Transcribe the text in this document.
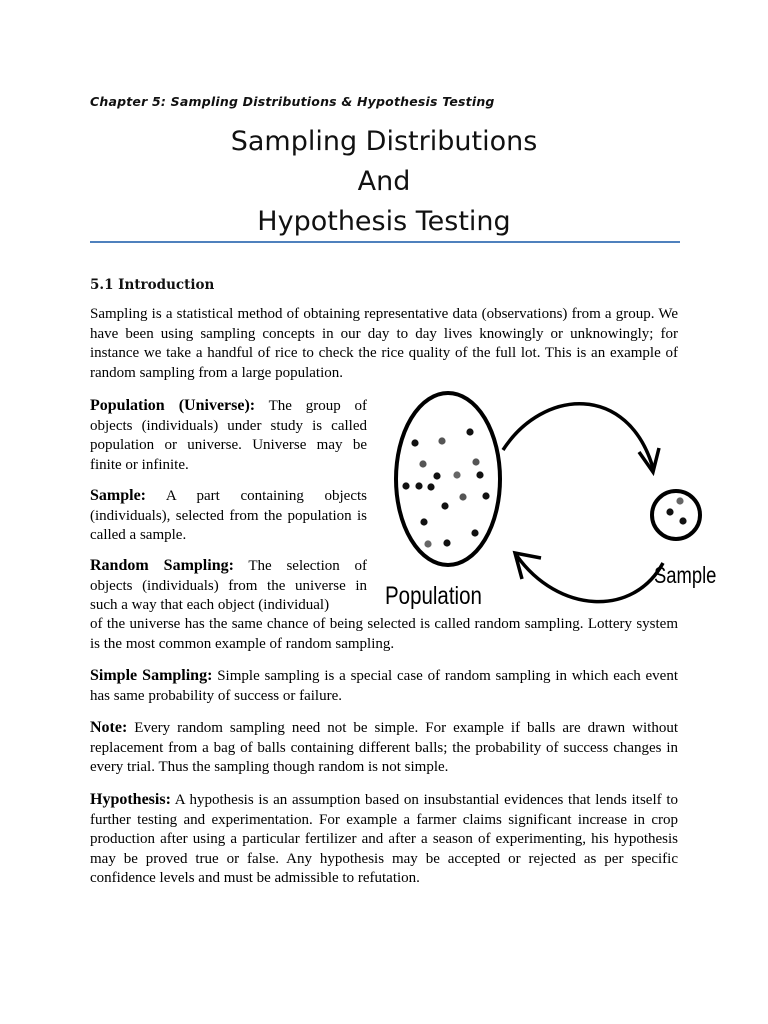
Chapter 5: Sampling Distributions & Hypothesis Testing
Sampling Distributions
And
Hypothesis Testing
5.1 Introduction

Sampling is a statistical method of obtaining representative data (observations) from a group. We have been using sampling concepts in our day to day lives knowingly or unknowingly; for instance we take a handful of rice to check the rice quality of the full lot. This is an example of random sampling from a large population.

Population (Universe): The group of objects (individuals) under study is called population or universe. Universe may be finite or infinite.

Sample: A part containing objects (individuals), selected from the population is called a sample.

Random Sampling: The selection of objects (individuals) from the universe in such a way that each object (individual)

of the universe has the same chance of being selected is called random sampling. Lottery system is the most common example of random sampling.

Simple Sampling: Simple sampling is a special case of random sampling in which each event has same probability of success or failure.

Note: Every random sampling need not be simple. For example if balls are drawn without replacement from a bag of balls containing different balls; the probability of success changes in every trial. Thus the sampling though random is not simple.

Hypothesis: A hypothesis is an assumption based on insubstantial evidences that lends itself to further testing and experimentation. For example a farmer claims significant increase in crop production after using a particular fertilizer and after a season of experimenting, his hypothesis may be proved true or false. Any hypothesis may be accepted or rejected as per specific confidence levels and must be admissible to refutation.

Population
Sample
